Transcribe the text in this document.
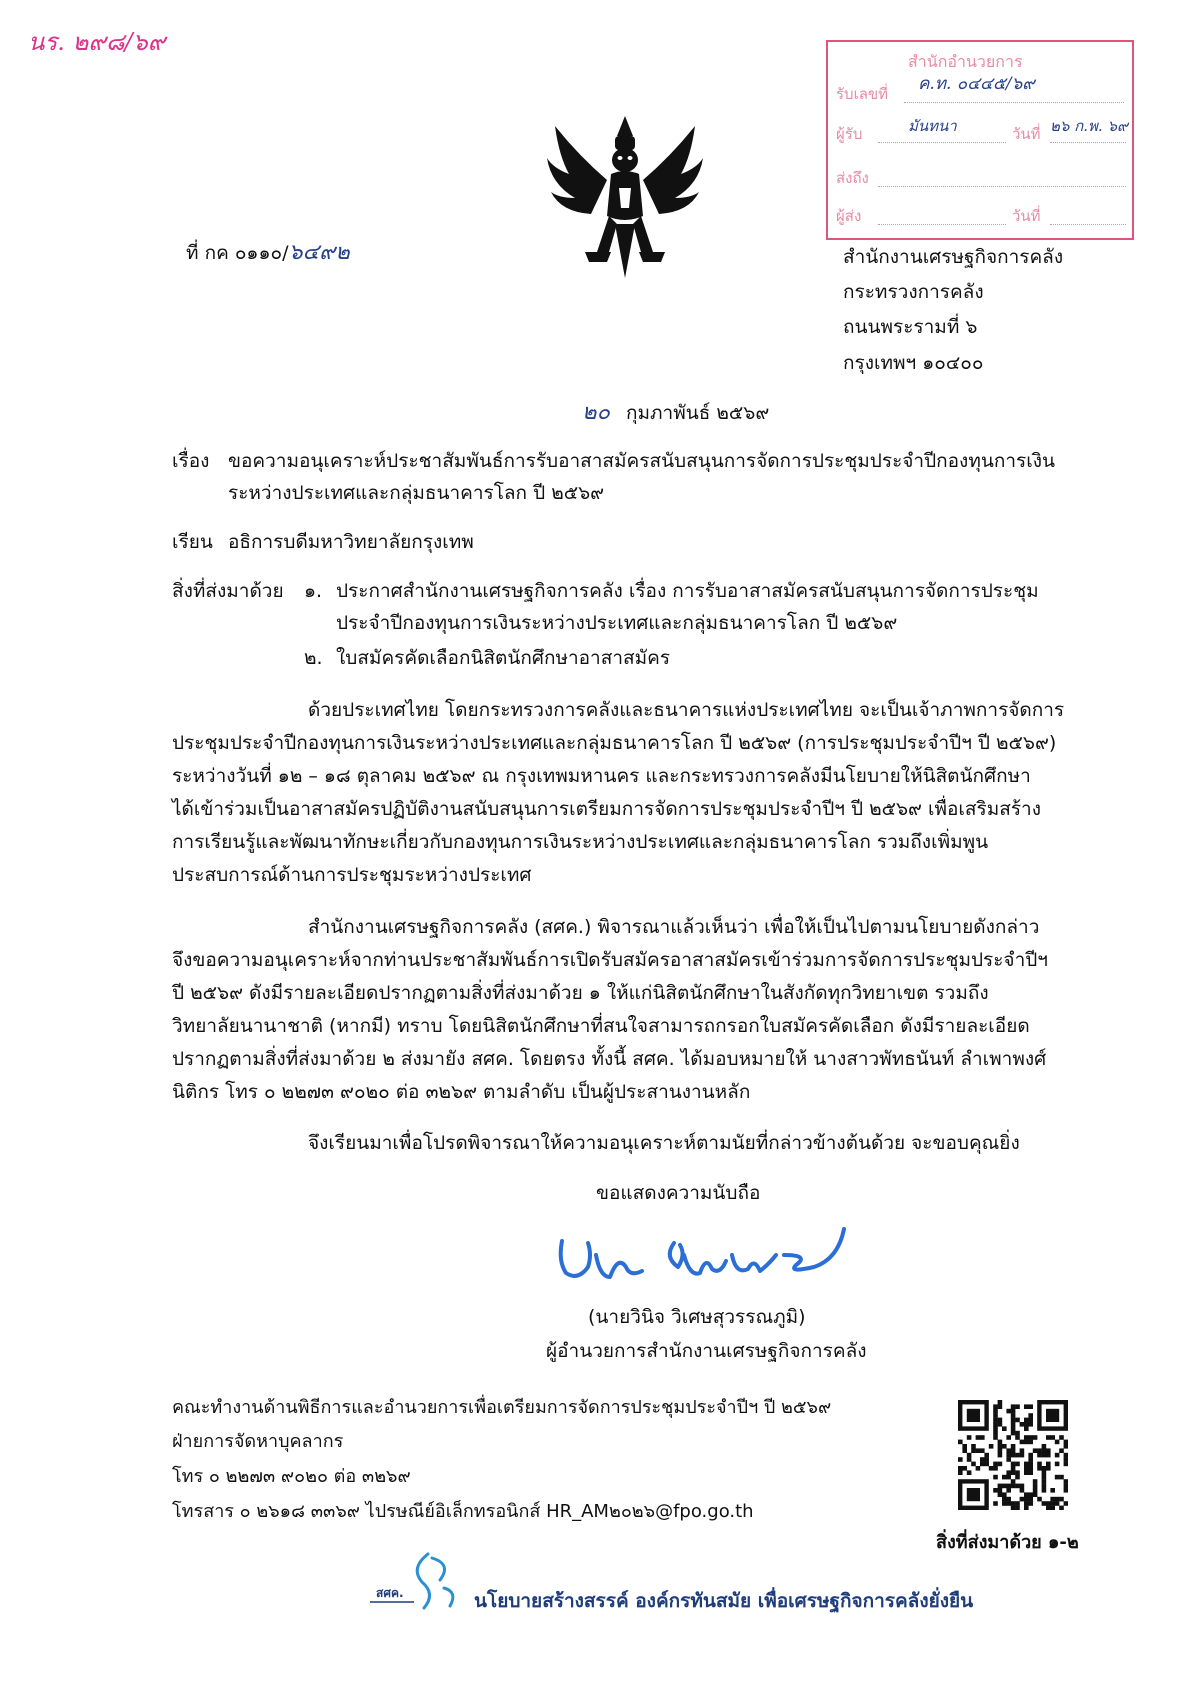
นร. ๒๙๘/๖๙
สำนักอำนวยการ
รับเลขที่ ค.ท. ๐๔๔๕/๖๙
ผู้รับ	มันทนา	วันที่ ๒๖ ก.พ. ๖๙
ส่งถึง
ผู้ส่ง	วันที่
ที่ กค ๐๑๑๐/๖๔๙๒	สำนักงานเศรษฐกิจการคลัง
กระทรวงการคลัง
ถนนพระรามที่ ๖
กรุงเทพฯ ๑๐๔๐๐
๒๐ กุมภาพันธ์ ๒๕๖๙
เรื่อง ขอความอนุเคราะห์ประชาสัมพันธ์การรับอาสาสมัครสนับสนุนการจัดการประชุมประจำปีกองทุนการเงิน
ระหว่างประเทศและกลุ่มธนาคารโลก ปี ๒๕๖๙
เรียน อธิการบดีมหาวิทยาลัยกรุงเทพ
สิ่งที่ส่งมาด้วย ๑. ประกาศสำนักงานเศรษฐกิจการคลัง เรื่อง การรับอาสาสมัครสนับสนุนการจัดการประชุม
ประจำปีกองทุนการเงินระหว่างประเทศและกลุ่มธนาคารโลก ปี ๒๕๖๙
๒. ใบสมัครคัดเลือกนิสิตนักศึกษาอาสาสมัคร
ด้วยประเทศไทย โดยกระทรวงการคลังและธนาคารแห่งประเทศไทย จะเป็นเจ้าภาพการจัดการ
ประชุมประจำปีกองทุนการเงินระหว่างประเทศและกลุ่มธนาคารโลก ปี ๒๕๖๙ (การประชุมประจำปีฯ ปี ๒๕๖๙)
ระหว่างวันที่ ๑๒ – ๑๘ ตุลาคม ๒๕๖๙ ณ กรุงเทพมหานคร และกระทรวงการคลังมีนโยบายให้นิสิตนักศึกษา
ได้เข้าร่วมเป็นอาสาสมัครปฏิบัติงานสนับสนุนการเตรียมการจัดการประชุมประจำปีฯ ปี ๒๕๖๙ เพื่อเสริมสร้าง
การเรียนรู้และพัฒนาทักษะเกี่ยวกับกองทุนการเงินระหว่างประเทศและกลุ่มธนาคารโลก รวมถึงเพิ่มพูน
ประสบการณ์ด้านการประชุมระหว่างประเทศ
สำนักงานเศรษฐกิจการคลัง (สศค.) พิจารณาแล้วเห็นว่า เพื่อให้เป็นไปตามนโยบายดังกล่าว
จึงขอความอนุเคราะห์จากท่านประชาสัมพันธ์การเปิดรับสมัครอาสาสมัครเข้าร่วมการจัดการประชุมประจำปีฯ
ปี ๒๕๖๙ ดังมีรายละเอียดปรากฏตามสิ่งที่ส่งมาด้วย ๑ ให้แก่นิสิตนักศึกษาในสังกัดทุกวิทยาเขต รวมถึง
วิทยาลัยนานาชาติ (หากมี) ทราบ โดยนิสิตนักศึกษาที่สนใจสามารถกรอกใบสมัครคัดเลือก ดังมีรายละเอียด
ปรากฏตามสิ่งที่ส่งมาด้วย ๒ ส่งมายัง สศค. โดยตรง ทั้งนี้ สศค. ได้มอบหมายให้ นางสาวพัทธนันท์ ลำเพาพงศ์
นิติกร โทร ๐ ๒๒๗๓ ๙๐๒๐ ต่อ ๓๒๖๙ ตามลำดับ เป็นผู้ประสานงานหลัก
จึงเรียนมาเพื่อโปรดพิจารณาให้ความอนุเคราะห์ตามนัยที่กล่าวข้างต้นด้วย จะขอบคุณยิ่ง
ขอแสดงความนับถือ
(นายวินิจ วิเศษสุวรรณภูมิ)
ผู้อำนวยการสำนักงานเศรษฐกิจการคลัง
คณะทำงานด้านพิธีการและอำนวยการเพื่อเตรียมการจัดการประชุมประจำปีฯ ปี ๒๕๖๙
ฝ่ายการจัดหาบุคลากร
โทร ๐ ๒๒๗๓ ๙๐๒๐ ต่อ ๓๒๖๙
โทรสาร ๐ ๒๖๑๘ ๓๓๖๙ ไปรษณีย์อิเล็กทรอนิกส์ HR_AM๒๐๒๖@fpo.go.th
สิ่งที่ส่งมาด้วย ๑-๒
สศค.	นโยบายสร้างสรรค์ องค์กรทันสมัย เพื่อเศรษฐกิจการคลังยั่งยืน
